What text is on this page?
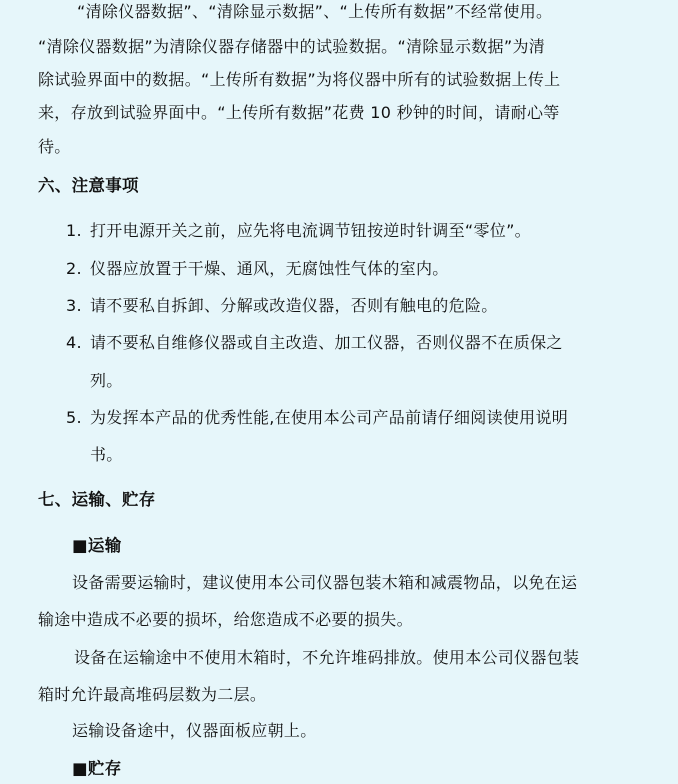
“清除仪器数据”、“清除显示数据”、“上传所有数据”不经常使用。
“清除仪器数据”为清除仪器存储器中的试验数据。“清除显示数据”为清
除试验界面中的数据。“上传所有数据”为将仪器中所有的试验数据上传上
来，存放到试验界面中。“上传所有数据”花费 10 秒钟的时间，请耐心等
待。
六、注意事项
1. 打开电源开关之前，应先将电流调节钮按逆时针调至“零位”。
2. 仪器应放置于干燥、通风，无腐蚀性气体的室内。
3. 请不要私自拆卸、分解或改造仪器，否则有触电的危险。
4. 请不要私自维修仪器或自主改造、加工仪器，否则仪器不在质保之
列。
5. 为发挥本产品的优秀性能,在使用本公司产品前请仔细阅读使用说明
书。
七、运输、贮存
■运输
设备需要运输时，建议使用本公司仪器包装木箱和减震物品，以免在运
输途中造成不必要的损坏，给您造成不必要的损失。
设备在运输途中不使用木箱时，不允许堆码排放。使用本公司仪器包装
箱时允许最高堆码层数为二层。
运输设备途中，仪器面板应朝上。
■贮存
